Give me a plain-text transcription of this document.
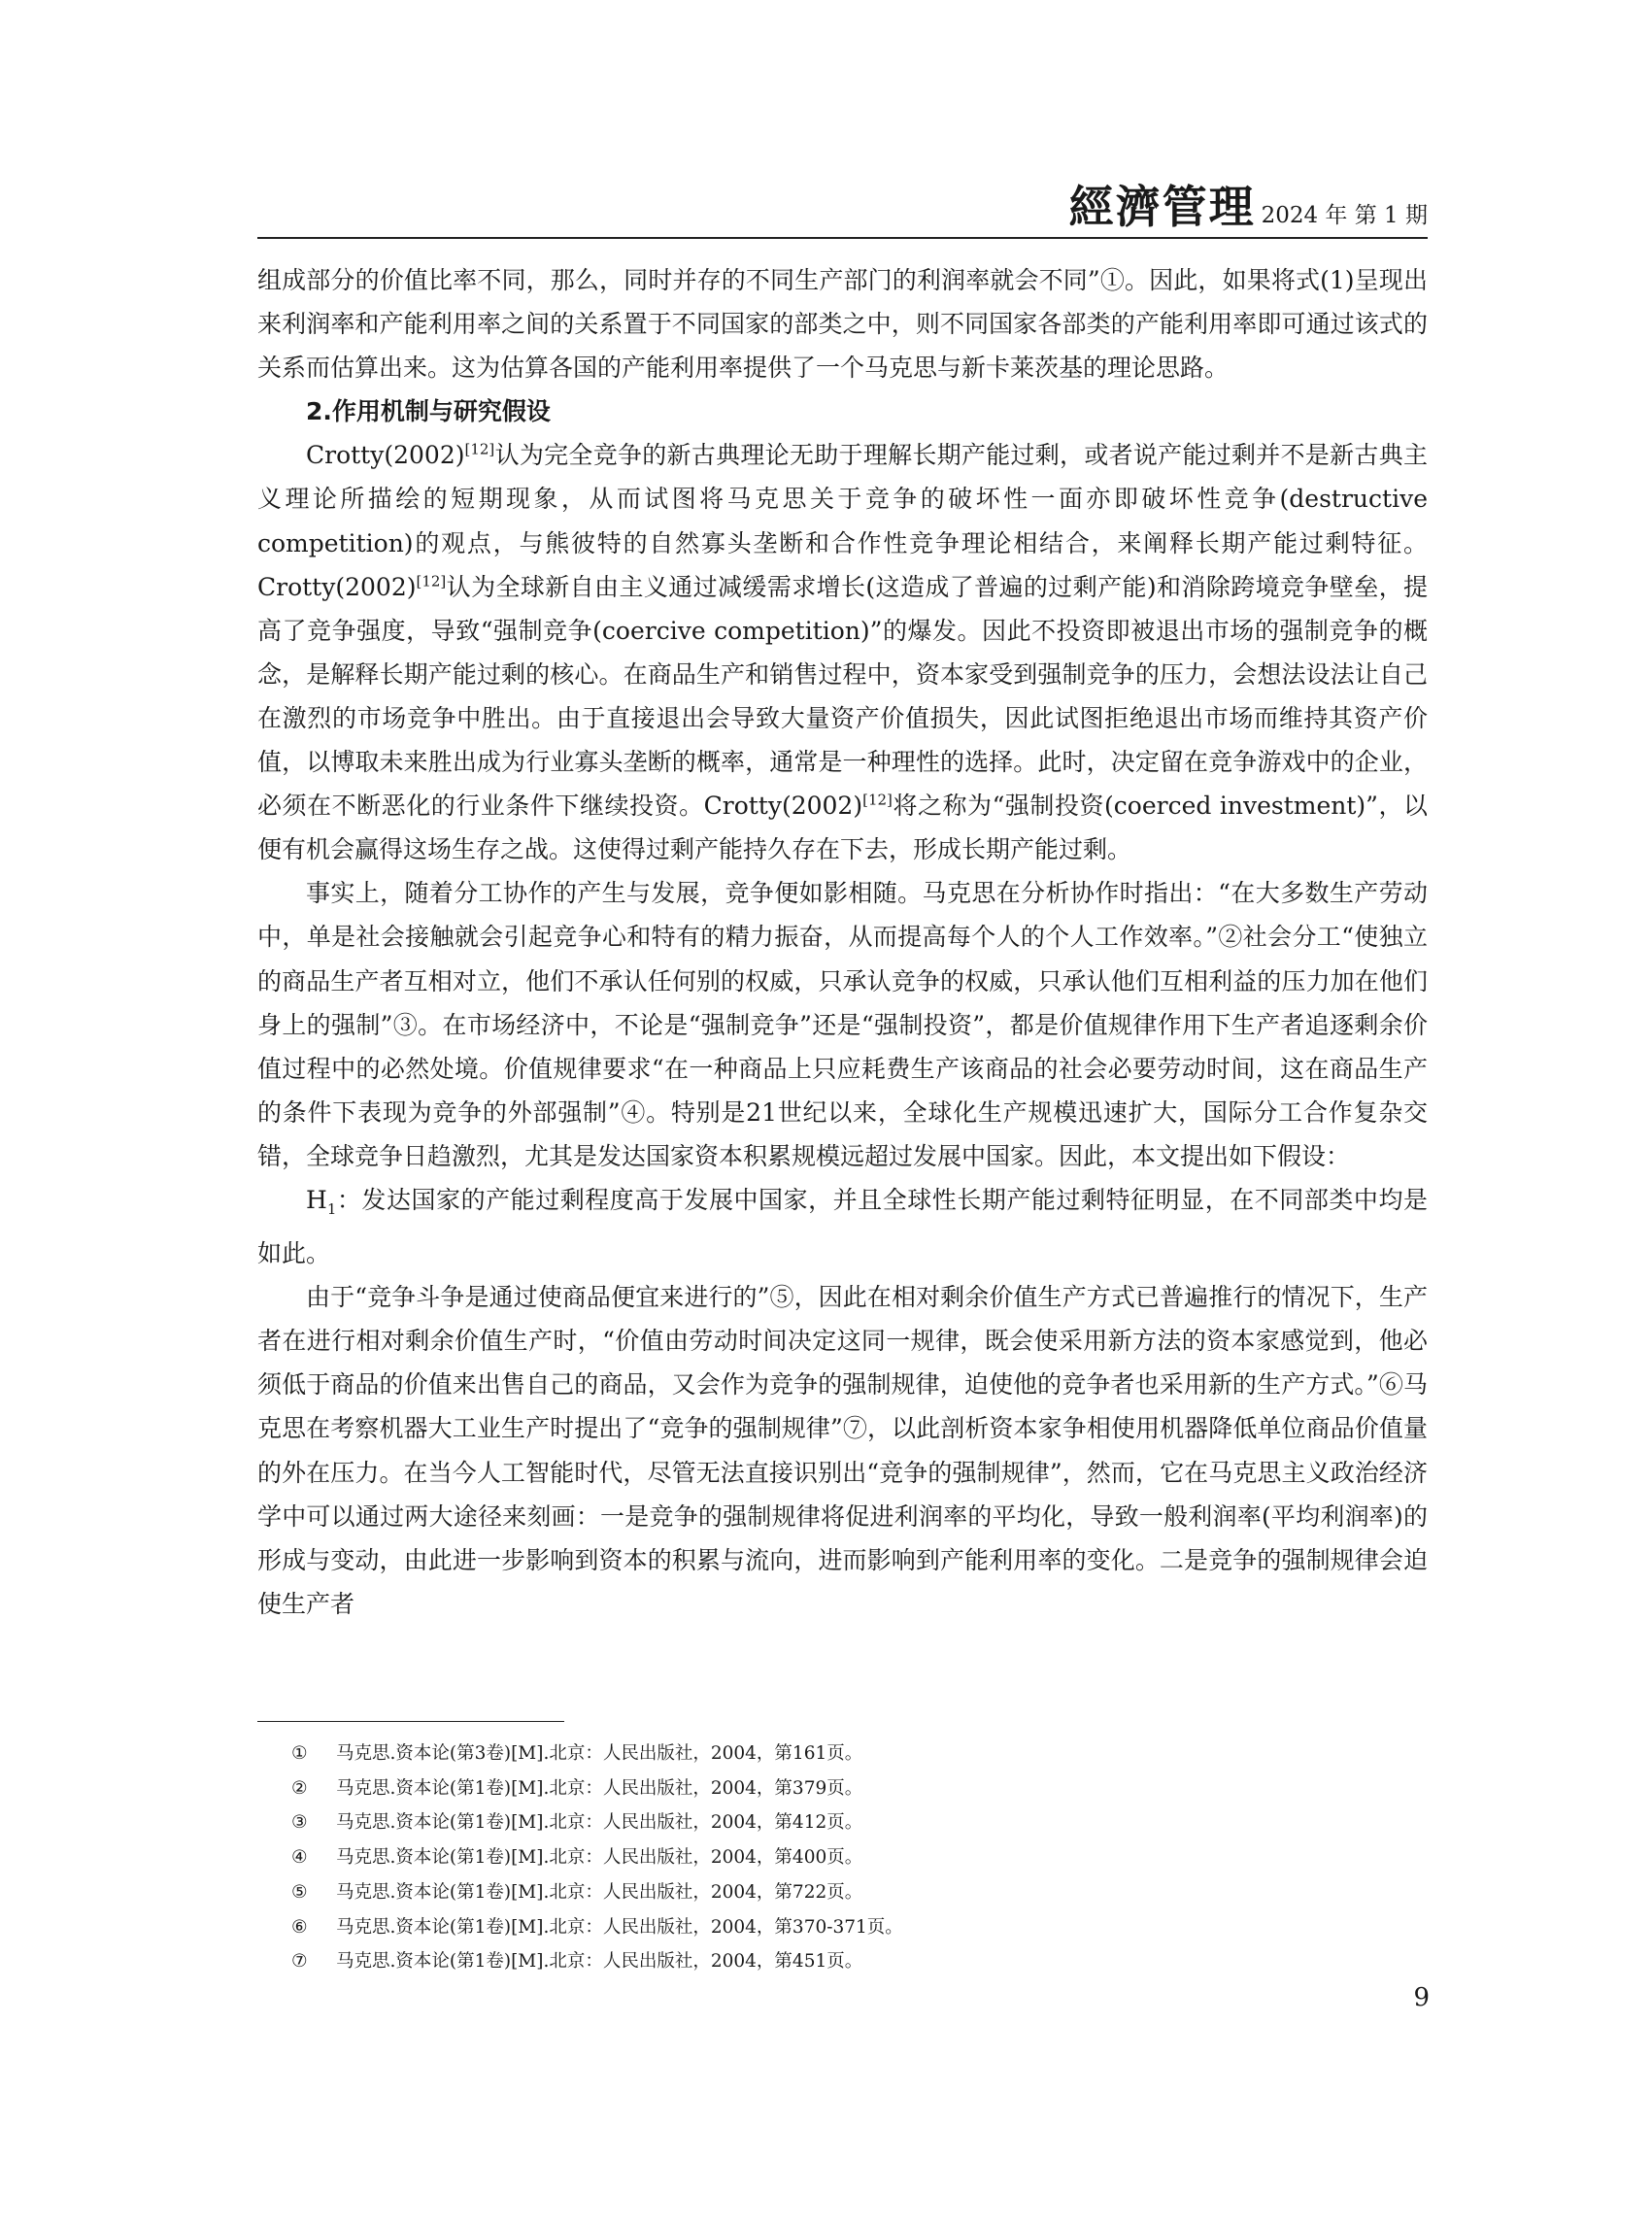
經濟管理 2024 年 第 1 期

组成部分的价值比率不同，那么，同时并存的不同生产部门的利润率就会不同”①。因此，如果将式(1)呈现出来利润率和产能利用率之间的关系置于不同国家的部类之中，则不同国家各部类的产能利用率即可通过该式的关系而估算出来。这为估算各国的产能利用率提供了一个马克思与新卡莱茨基的理论思路。

2.作用机制与研究假设

Crotty(2002)[12]认为完全竞争的新古典理论无助于理解长期产能过剩，或者说产能过剩并不是新古典主义理论所描绘的短期现象，从而试图将马克思关于竞争的破坏性一面亦即破坏性竞争(destructive competition)的观点，与熊彼特的自然寡头垄断和合作性竞争理论相结合，来阐释长期产能过剩特征。Crotty(2002)[12]认为全球新自由主义通过减缓需求增长(这造成了普遍的过剩产能)和消除跨境竞争壁垒，提高了竞争强度，导致“强制竞争(coercive competition)”的爆发。因此不投资即被退出市场的强制竞争的概念，是解释长期产能过剩的核心。在商品生产和销售过程中，资本家受到强制竞争的压力，会想法设法让自己在激烈的市场竞争中胜出。由于直接退出会导致大量资产价值损失，因此试图拒绝退出市场而维持其资产价值，以博取未来胜出成为行业寡头垄断的概率，通常是一种理性的选择。此时，决定留在竞争游戏中的企业，必须在不断恶化的行业条件下继续投资。Crotty(2002)[12]将之称为“强制投资(coerced investment)”，以便有机会赢得这场生存之战。这使得过剩产能持久存在下去，形成长期产能过剩。

事实上，随着分工协作的产生与发展，竞争便如影相随。马克思在分析协作时指出：“在大多数生产劳动中，单是社会接触就会引起竞争心和特有的精力振奋，从而提高每个人的个人工作效率。”②社会分工“使独立的商品生产者互相对立，他们不承认任何别的权威，只承认竞争的权威，只承认他们互相利益的压力加在他们身上的强制”③。在市场经济中，不论是“强制竞争”还是“强制投资”，都是价值规律作用下生产者追逐剩余价值过程中的必然处境。价值规律要求“在一种商品上只应耗费生产该商品的社会必要劳动时间，这在商品生产的条件下表现为竞争的外部强制”④。特别是21世纪以来，全球化生产规模迅速扩大，国际分工合作复杂交错，全球竞争日趋激烈，尤其是发达国家资本积累规模远超过发展中国家。因此，本文提出如下假设：

$H_1$：发达国家的产能过剩程度高于发展中国家，并且全球性长期产能过剩特征明显，在不同部类中均是如此。

由于“竞争斗争是通过使商品便宜来进行的”⑤，因此在相对剩余价值生产方式已普遍推行的情况下，生产者在进行相对剩余价值生产时，“价值由劳动时间决定这同一规律，既会使采用新方法的资本家感觉到，他必须低于商品的价值来出售自己的商品，又会作为竞争的强制规律，迫使他的竞争者也采用新的生产方式。”⑥马克思在考察机器大工业生产时提出了“竞争的强制规律”⑦，以此剖析资本家争相使用机器降低单位商品价值量的外在压力。在当今人工智能时代，尽管无法直接识别出“竞争的强制规律”，然而，它在马克思主义政治经济学中可以通过两大途径来刻画：一是竞争的强制规律将促进利润率的平均化，导致一般利润率(平均利润率)的形成与变动，由此进一步影响到资本的积累与流向，进而影响到产能利用率的变化。二是竞争的强制规律会迫使生产者

①	马克思.资本论(第3卷)[M].北京：人民出版社，2004，第161页。
②	马克思.资本论(第1卷)[M].北京：人民出版社，2004，第379页。
③	马克思.资本论(第1卷)[M].北京：人民出版社，2004，第412页。
④	马克思.资本论(第1卷)[M].北京：人民出版社，2004，第400页。
⑤	马克思.资本论(第1卷)[M].北京：人民出版社，2004，第722页。
⑥	马克思.资本论(第1卷)[M].北京：人民出版社，2004，第370-371页。
⑦	马克思.资本论(第1卷)[M].北京：人民出版社，2004，第451页。
9
